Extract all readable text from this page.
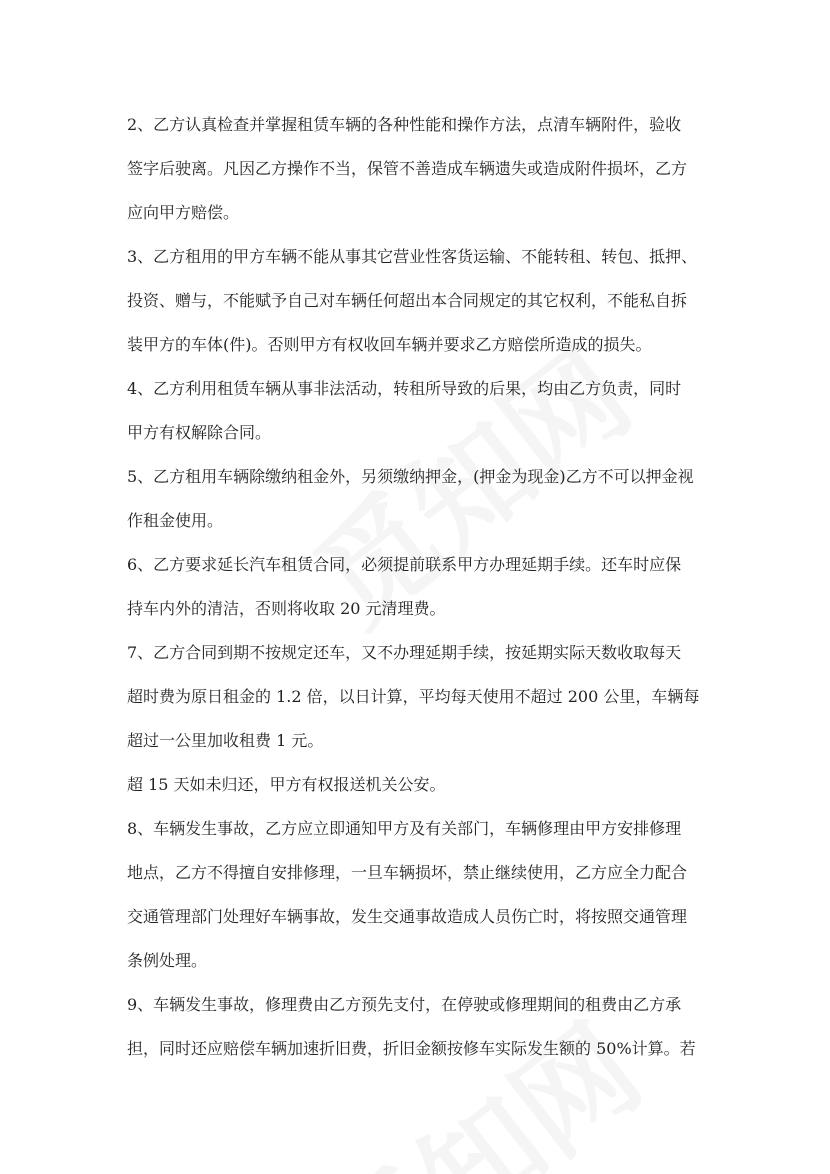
2、乙方认真检查并掌握租赁车辆的各种性能和操作方法，点清车辆附件，验收
签字后驶离。凡因乙方操作不当，保管不善造成车辆遗失或造成附件损坏，乙方
应向甲方赔偿。
3、乙方租用的甲方车辆不能从事其它营业性客货运输、不能转租、转包、抵押、
投资、赠与，不能赋予自己对车辆任何超出本合同规定的其它权利，不能私自拆
装甲方的车体(件)。否则甲方有权收回车辆并要求乙方赔偿所造成的损失。
4、乙方利用租赁车辆从事非法活动，转租所导致的后果，均由乙方负责，同时
甲方有权解除合同。
5、乙方租用车辆除缴纳租金外，另须缴纳押金，(押金为现金)乙方不可以押金视
作租金使用。
6、乙方要求延长汽车租赁合同，必须提前联系甲方办理延期手续。还车时应保
持车内外的清洁，否则将收取 20 元清理费。
7、乙方合同到期不按规定还车，又不办理延期手续，按延期实际天数收取每天
超时费为原日租金的 1.2 倍，以日计算，平均每天使用不超过 200 公里，车辆每
超过一公里加收租费 1 元。
超 15 天如未归还，甲方有权报送机关公安。
8、车辆发生事故，乙方应立即通知甲方及有关部门，车辆修理由甲方安排修理
地点，乙方不得擅自安排修理，一旦车辆损坏，禁止继续使用，乙方应全力配合
交通管理部门处理好车辆事故，发生交通事故造成人员伤亡时，将按照交通管理
条例处理。
9、车辆发生事故，修理费由乙方预先支付，在停驶或修理期间的租费由乙方承
担，同时还应赔偿车辆加速折旧费，折旧金额按修车实际发生额的 50%计算。若
